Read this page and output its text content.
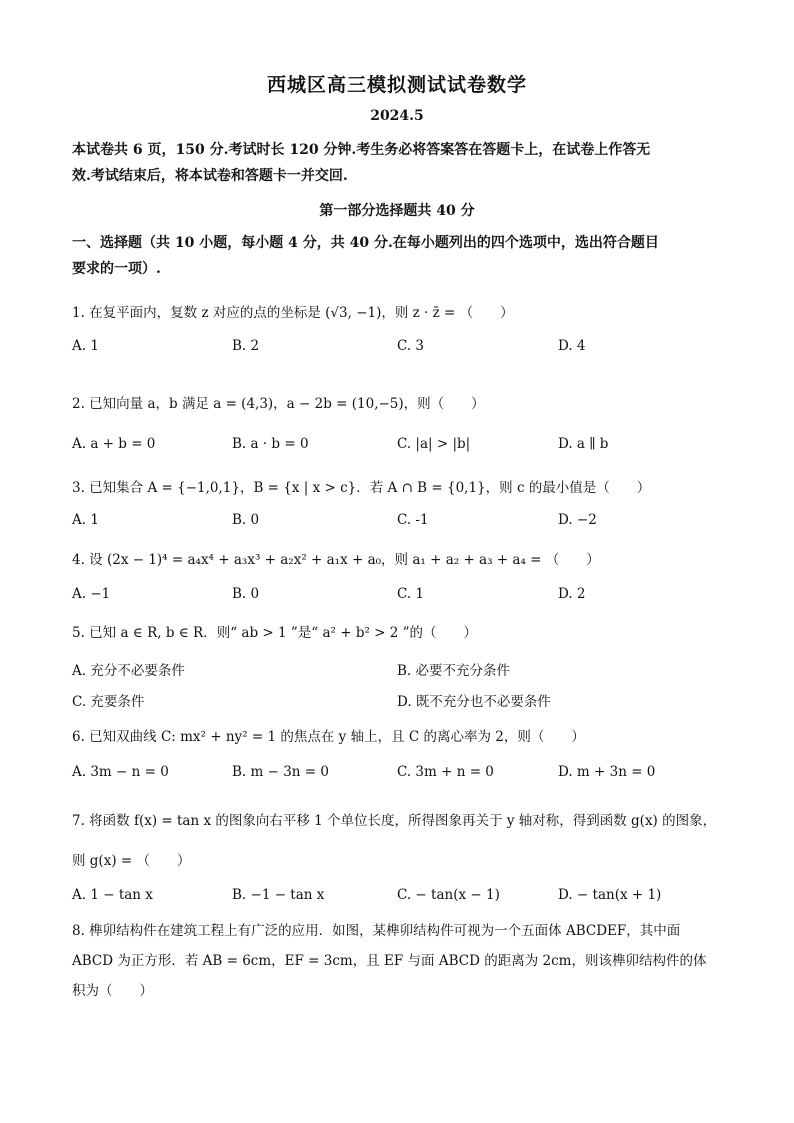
西城区高三模拟测试试卷数学
2024.5
本试卷共 6 页，150 分.考试时长 120 分钟.考生务必将答案答在答题卡上，在试卷上作答无
效.考试结束后，将本试卷和答题卡一并交回.
第一部分选择题共 40 分
一、选择题（共 10 小题，每小题 4 分，共 40 分.在每小题列出的四个选项中，选出符合题目
要求的一项）.
1. 在复平面内，复数 z 对应的点的坐标是 (√3, −1)，则 z · z̄ = （　　）
A. 1	B. 2	C. 3	D. 4
2. 已知向量 a，b 满足 a = (4,3)，a − 2b = (10,−5)，则（　　）
A. a + b = 0	B. a · b = 0	C. |a| > |b|	D. a ∥ b
3. 已知集合 A = {−1,0,1}，B = {x | x > c}．若 A ∩ B = {0,1}，则 c 的最小值是（　　）
A. 1	B. 0	C. -1	D. −2
4. 设 (2x − 1)⁴ = a₄x⁴ + a₃x³ + a₂x² + a₁x + a₀，则 a₁ + a₂ + a₃ + a₄ = （　　）
A. −1	B. 0	C. 1	D. 2
5. 已知 a ∈ R, b ∈ R．则“ ab > 1 ”是“ a² + b² > 2 ”的（　　）
A. 充分不必要条件	B. 必要不充分条件
C. 充要条件	D. 既不充分也不必要条件
6. 已知双曲线 C: mx² + ny² = 1 的焦点在 y 轴上，且 C 的离心率为 2，则（　　）
A. 3m − n = 0	B. m − 3n = 0	C. 3m + n = 0	D. m + 3n = 0
7. 将函数 f(x) = tan x 的图象向右平移 1 个单位长度，所得图象再关于 y 轴对称，得到函数 g(x) 的图象，
则 g(x) = （　　）
A. 1 − tan x	B. −1 − tan x	C. − tan(x − 1)	D. − tan(x + 1)
8. 榫卯结构件在建筑工程上有广泛的应用．如图，某榫卯结构件可视为一个五面体 ABCDEF，其中面
ABCD 为正方形．若 AB = 6cm，EF = 3cm，且 EF 与面 ABCD 的距离为 2cm，则该榫卯结构件的体
积为（　　）
